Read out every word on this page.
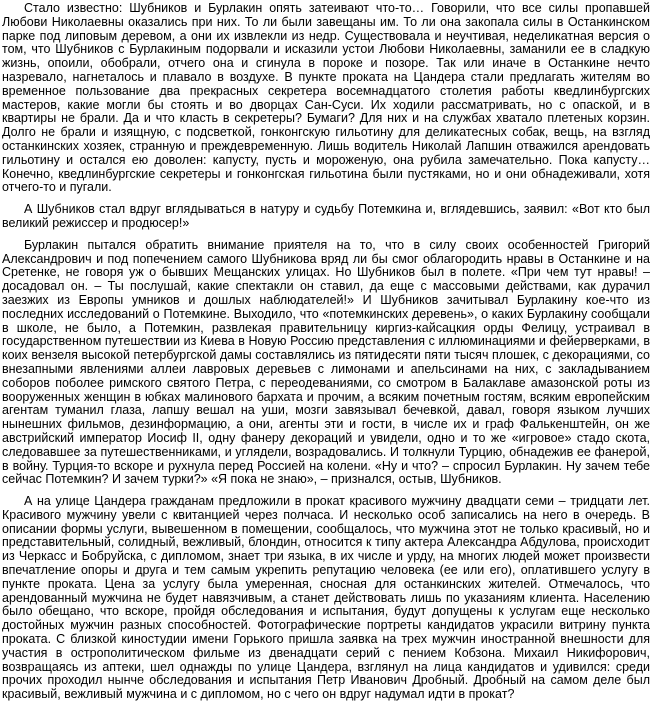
Стало известно: Шубников и Бурлакин опять затеивают что-то… Говорили, что все силы пропавшей Любови Николаевны оказались при них. То ли были завещаны им. То ли она закопала силы в Останкинском парке под липовым деревом, а они их извлекли из недр. Существовала и неучтивая, неделикатная версия о том, что Шубников с Бурлакиным подорвали и исказили устои Любови Николаевны, заманили ее в сладкую жизнь, опоили, обобрали, отчего она и сгинула в пороке и позоре. Так или иначе в Останкине нечто назревало, нагнеталось и плавало в воздухе. В пункте проката на Цандера стали предлагать жителям во временное пользование два прекрасных секретера восемнадцатого столетия работы кведлинбургских мастеров, какие могли бы стоять и во дворцах Сан-Суси. Их ходили рассматривать, но с опаской, и в квартиры не брали. Да и что класть в секретеры? Бумаги? Для них и на службах хватало плетеных корзин. Долго не брали и изящную, с подсветкой, гонконгскую гильотину для деликатесных собак, вещь, на взгляд останкинских хозяек, странную и преждевременную. Лишь водитель Николай Лапшин отважился арендовать гильотину и остался ею доволен: капусту, пусть и мороженую, она рубила замечательно. Пока капусту… Конечно, кведлинбургские секретеры и гонконгская гильотина были пустяками, но и они обнадеживали, хотя отчего-то и пугали.

А Шубников стал вдруг вглядываться в натуру и судьбу Потемкина и, вглядевшись, заявил: «Вот кто был великий режиссер и продюсер!»

Бурлакин пытался обратить внимание приятеля на то, что в силу своих особенностей Григорий Александрович и под попечением самого Шубникова вряд ли бы смог облагородить нравы в Останкине и на Сретенке, не говоря уж о бывших Мещанских улицах. Но Шубников был в полете. «При чем тут нравы! – досадовал он. – Ты послушай, какие спектакли он ставил, да еще с массовыми действами, как дурачил заезжих из Европы умников и дошлых наблюдателей!» И Шубников зачитывал Бурлакину кое-что из последних исследований о Потемкине. Выходило, что «потемкинских деревень», о каких Бурлакину сообщали в школе, не было, а Потемкин, развлекая правительницу киргиз-кайсацкия орды Фелицу, устраивал в государственном путешествии из Киева в Новую Россию представления с иллюминациями и фейерверками, в коих вензеля высокой петербургской дамы составлялись из пятидесяти пяти тысяч плошек, с декорациями, со внезапными явлениями аллеи лавровых деревьев с лимонами и апельсинами на них, с закладыванием соборов поболее римского святого Петра, с переодеваниями, со смотром в Балаклаве амазонской роты из вооруженных женщин в юбках малинового бархата и прочим, а всяким почетным гостям, всяким европейским агентам туманил глаза, лапшу вешал на уши, мозги завязывал бечевкой, давал, говоря языком лучших нынешних фильмов, дезинформацию, а они, агенты эти и гости, в числе их и граф Фалькенштейн, он же австрийский император Иосиф II, одну фанеру декораций и увидели, одно и то же «игровое» стадо скота, следовавшее за путешественниками, и углядели, возрадовались. И толкнули Турцию, обнадежив ее фанерой, в войну. Турция-то вскоре и рухнула перед Россией на колени. «Ну и что? – спросил Бурлакин. Ну зачем тебе сейчас Потемкин? И зачем турки?» «Я пока не знаю», – признался, остыв, Шубников.

А на улице Цандера гражданам предложили в прокат красивого мужчину двадцати семи – тридцати лет. Красивого мужчину увели с квитанцией через полчаса. И несколько особ записались на него в очередь. В описании формы услуги, вывешенном в помещении, сообщалось, что мужчина этот не только красивый, но и представительный, солидный, вежливый, блондин, относится к типу актера Александра Абдулова, происходит из Черкасс и Бобруйска, с дипломом, знает три языка, в их числе и урду, на многих людей может произвести впечатление опоры и друга и тем самым укрепить репутацию человека (ее или его), оплатившего услугу в пункте проката. Цена за услугу была умеренная, сносная для останкинских жителей. Отмечалось, что арендованный мужчина не будет навязчивым, а станет действовать лишь по указаниям клиента. Населению было обещано, что вскоре, пройдя обследования и испытания, будут допущены к услугам еще несколько достойных мужчин разных способностей. Фотографические портреты кандидатов украсили витрину пункта проката. С близкой киностудии имени Горького пришла заявка на трех мужчин иностранной внешности для участия в острополитическом фильме из двенадцати серий с пением Кобзона. Михаил Никифорович, возвращаясь из аптеки, шел однажды по улице Цандера, взглянул на лица кандидатов и удивился: среди прочих проходил нынче обследования и испытания Петр Иванович Дробный. Дробный на самом деле был красивый, вежливый мужчина и с дипломом, но с чего он вдруг надумал идти в прокат?
